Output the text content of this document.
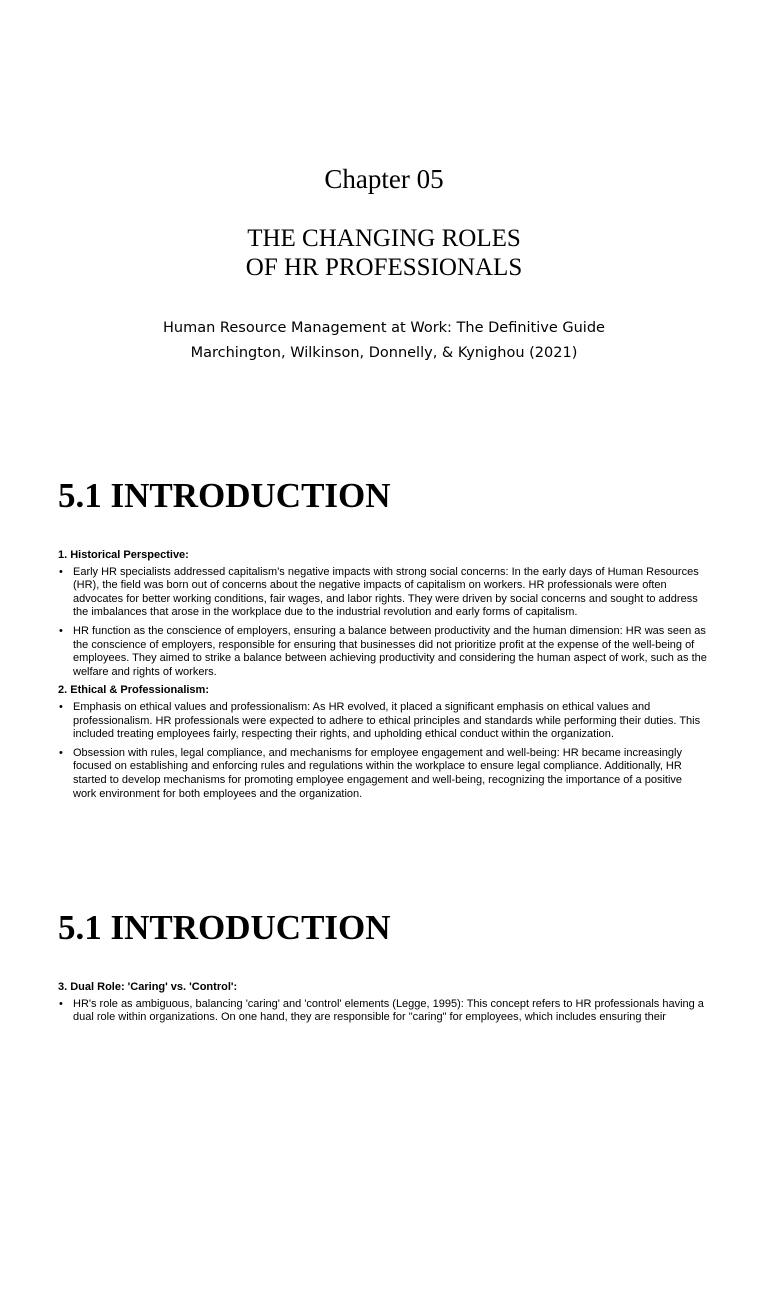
Chapter 05
THE CHANGING ROLES
OF HR PROFESSIONALS
Human Resource Management at Work: The Definitive Guide
Marchington, Wilkinson, Donnelly, & Kynighou (2021)
5.1 INTRODUCTION
1. Historical Perspective:
• Early HR specialists addressed capitalism's negative impacts with strong social concerns: In the early days of Human Resources (HR), the field was born out of concerns about the negative impacts of capitalism on workers. HR professionals were often advocates for better working conditions, fair wages, and labor rights. They were driven by social concerns and sought to address the imbalances that arose in the workplace due to the industrial revolution and early forms of capitalism.
• HR function as the conscience of employers, ensuring a balance between productivity and the human dimension: HR was seen as the conscience of employers, responsible for ensuring that businesses did not prioritize profit at the expense of the well-being of employees. They aimed to strike a balance between achieving productivity and considering the human aspect of work, such as the welfare and rights of workers.
2. Ethical & Professionalism:
• Emphasis on ethical values and professionalism: As HR evolved, it placed a significant emphasis on ethical values and professionalism. HR professionals were expected to adhere to ethical principles and standards while performing their duties. This included treating employees fairly, respecting their rights, and upholding ethical conduct within the organization.
• Obsession with rules, legal compliance, and mechanisms for employee engagement and well-being: HR became increasingly focused on establishing and enforcing rules and regulations within the workplace to ensure legal compliance. Additionally, HR started to develop mechanisms for promoting employee engagement and well-being, recognizing the importance of a positive work environment for both employees and the organization.
5.1 INTRODUCTION
3. Dual Role: 'Caring' vs. 'Control':
• HR's role as ambiguous, balancing 'caring' and 'control' elements (Legge, 1995): This concept refers to HR professionals having a dual role within organizations. On one hand, they are responsible for "caring" for employees, which includes ensuring their
